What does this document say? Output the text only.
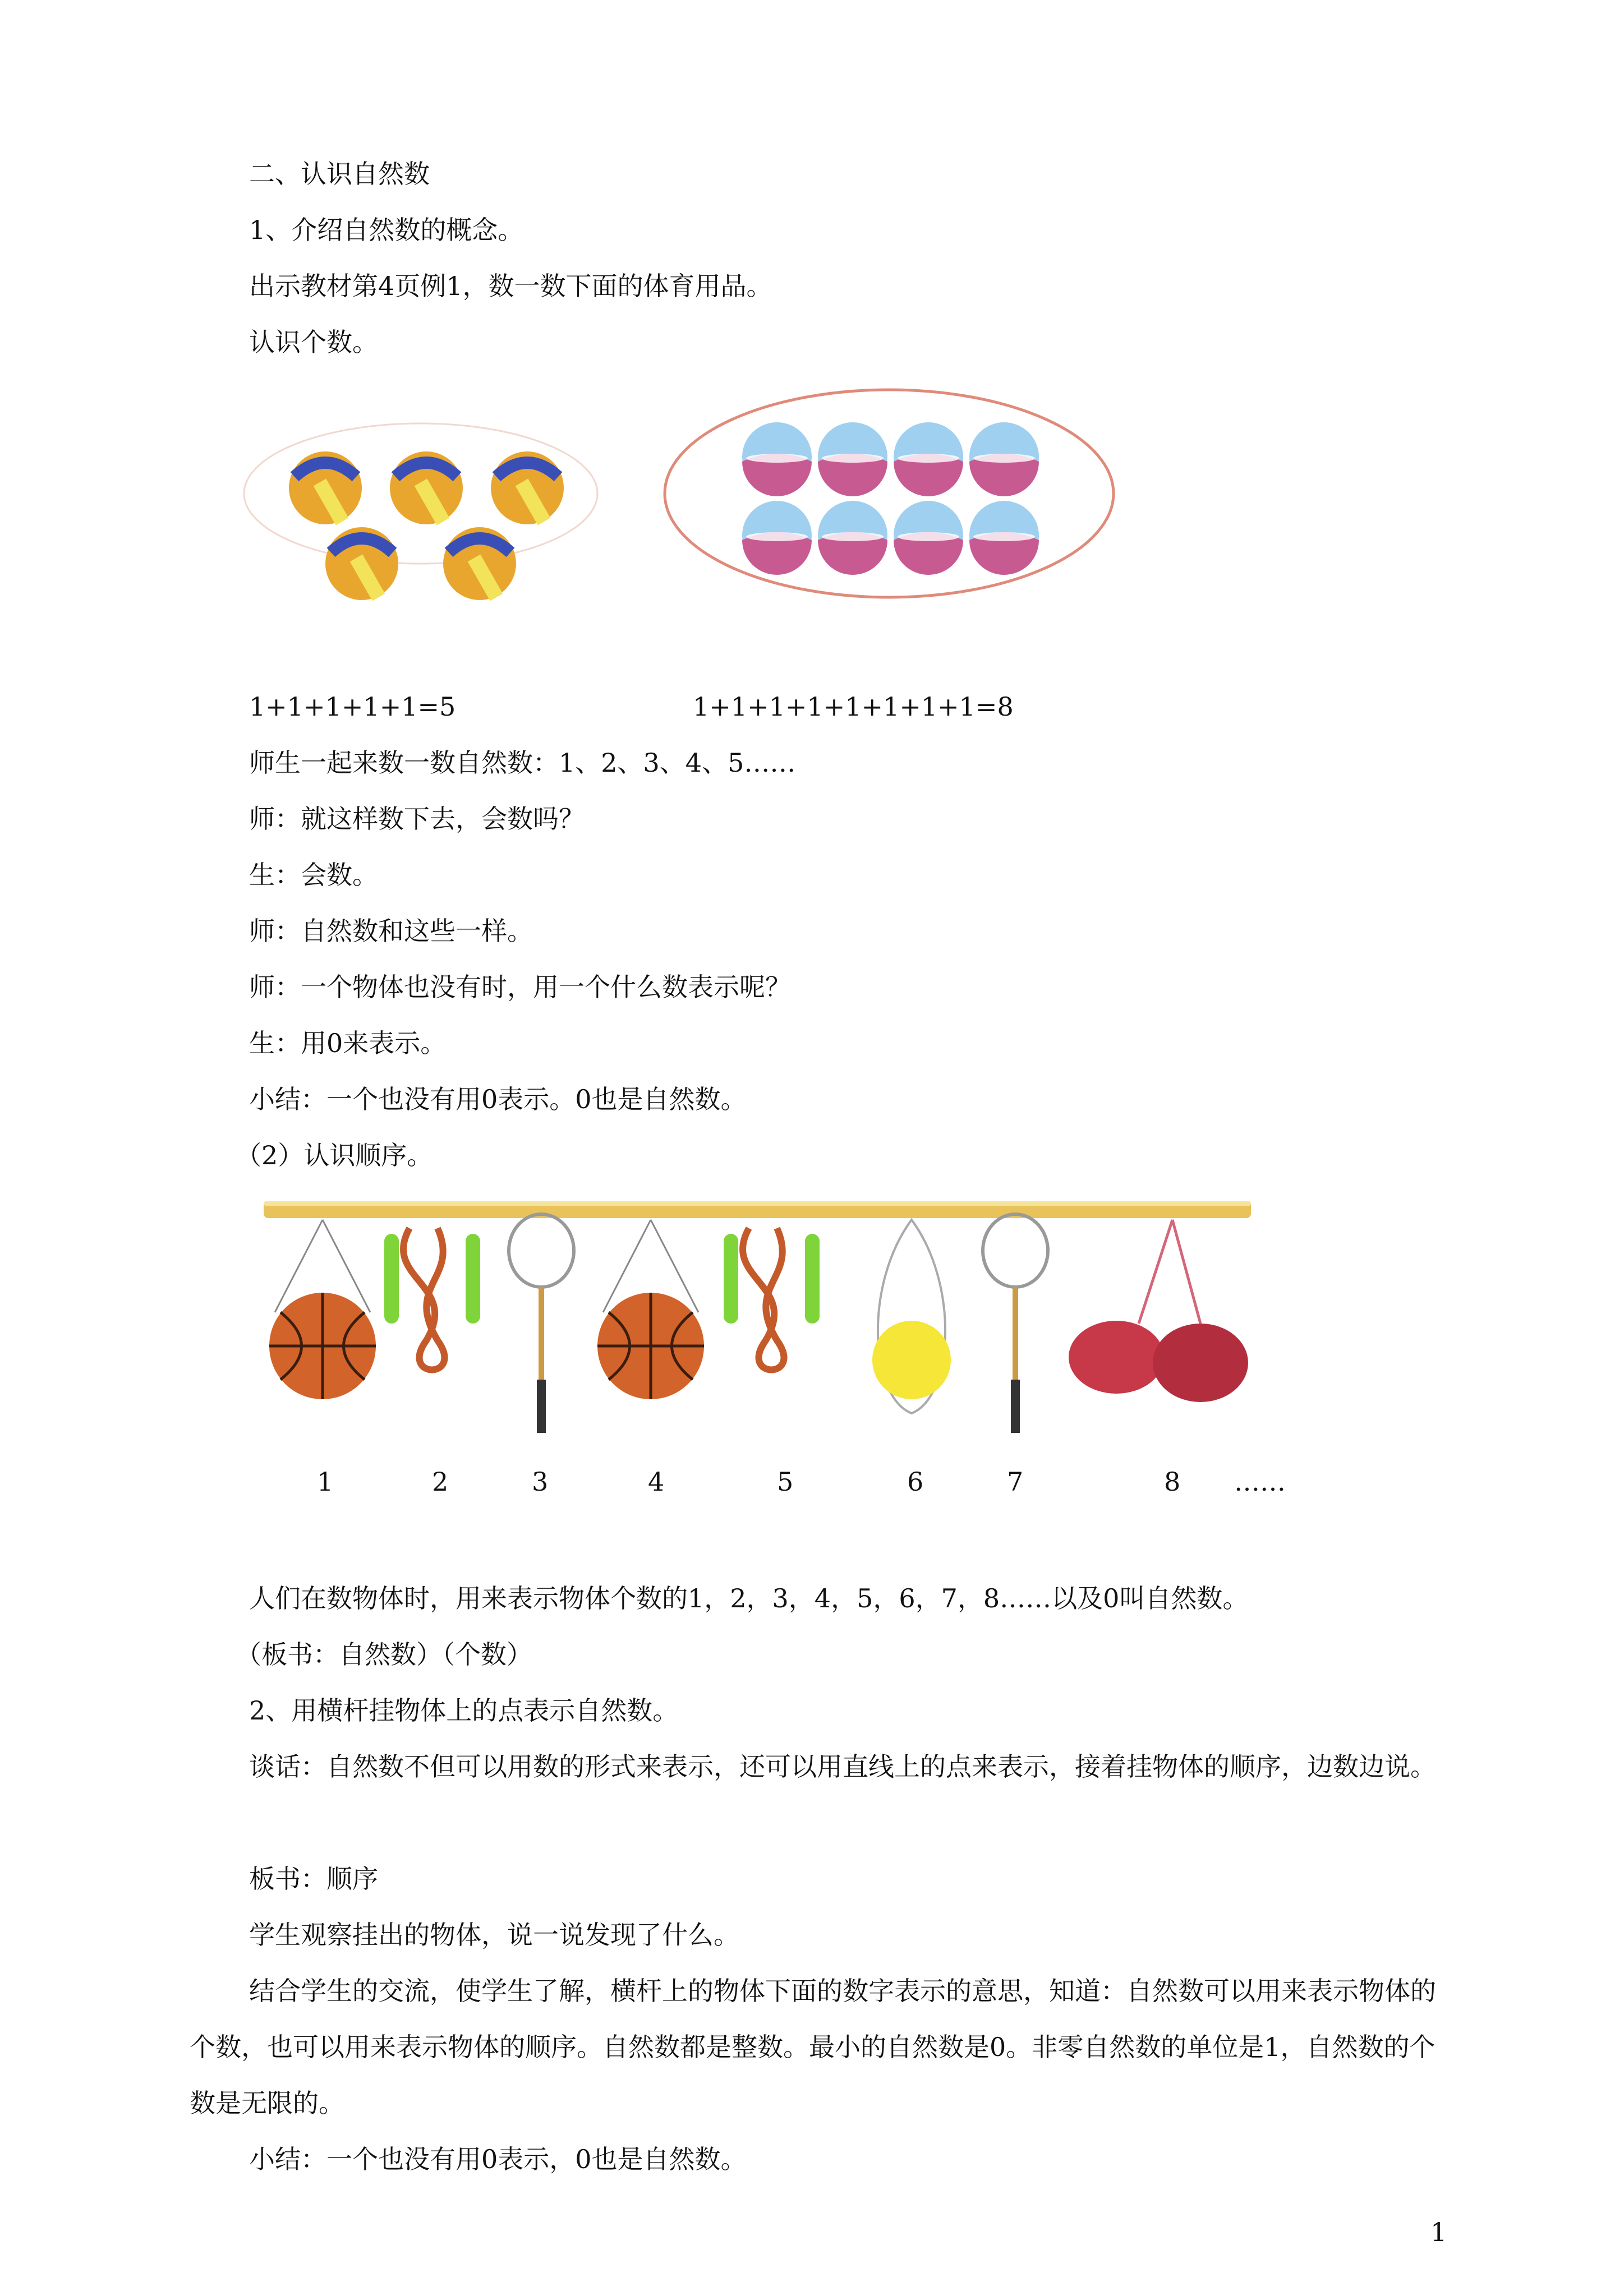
二、认识自然数
1、介绍自然数的概念。
出示教材第4页例1，数一数下面的体育用品。
认识个数。
1+1+1+1+1=5	1+1+1+1+1+1+1+1=8
师生一起来数一数自然数：1、2、3、4、5……
师：就这样数下去，会数吗？
生：会数。
师：自然数和这些一样。
师：一个物体也没有时，用一个什么数表示呢？
生：用0来表示。
小结：一个也没有用0表示。0也是自然数。
（2）认识顺序。
1	2	3	4	5	6	7	8 ……
人们在数物体时，用来表示物体个数的1，2，3，4，5，6，7，8……以及0叫自然数。
（板书：自然数）（个数）
2、用横杆挂物体上的点表示自然数。
谈话：自然数不但可以用数的形式来表示，还可以用直线上的点来表示，接着挂物体的顺序，边数边说。
板书：顺序
学生观察挂出的物体，说一说发现了什么。
结合学生的交流，使学生了解，横杆上的物体下面的数字表示的意思，知道：自然数可以用来表示物体的个数，也可以用来表示物体的顺序。自然数都是整数。最小的自然数是0。非零自然数的单位是1，自然数的个数是无限的。
小结：一个也没有用0表示，0也是自然数。
1
